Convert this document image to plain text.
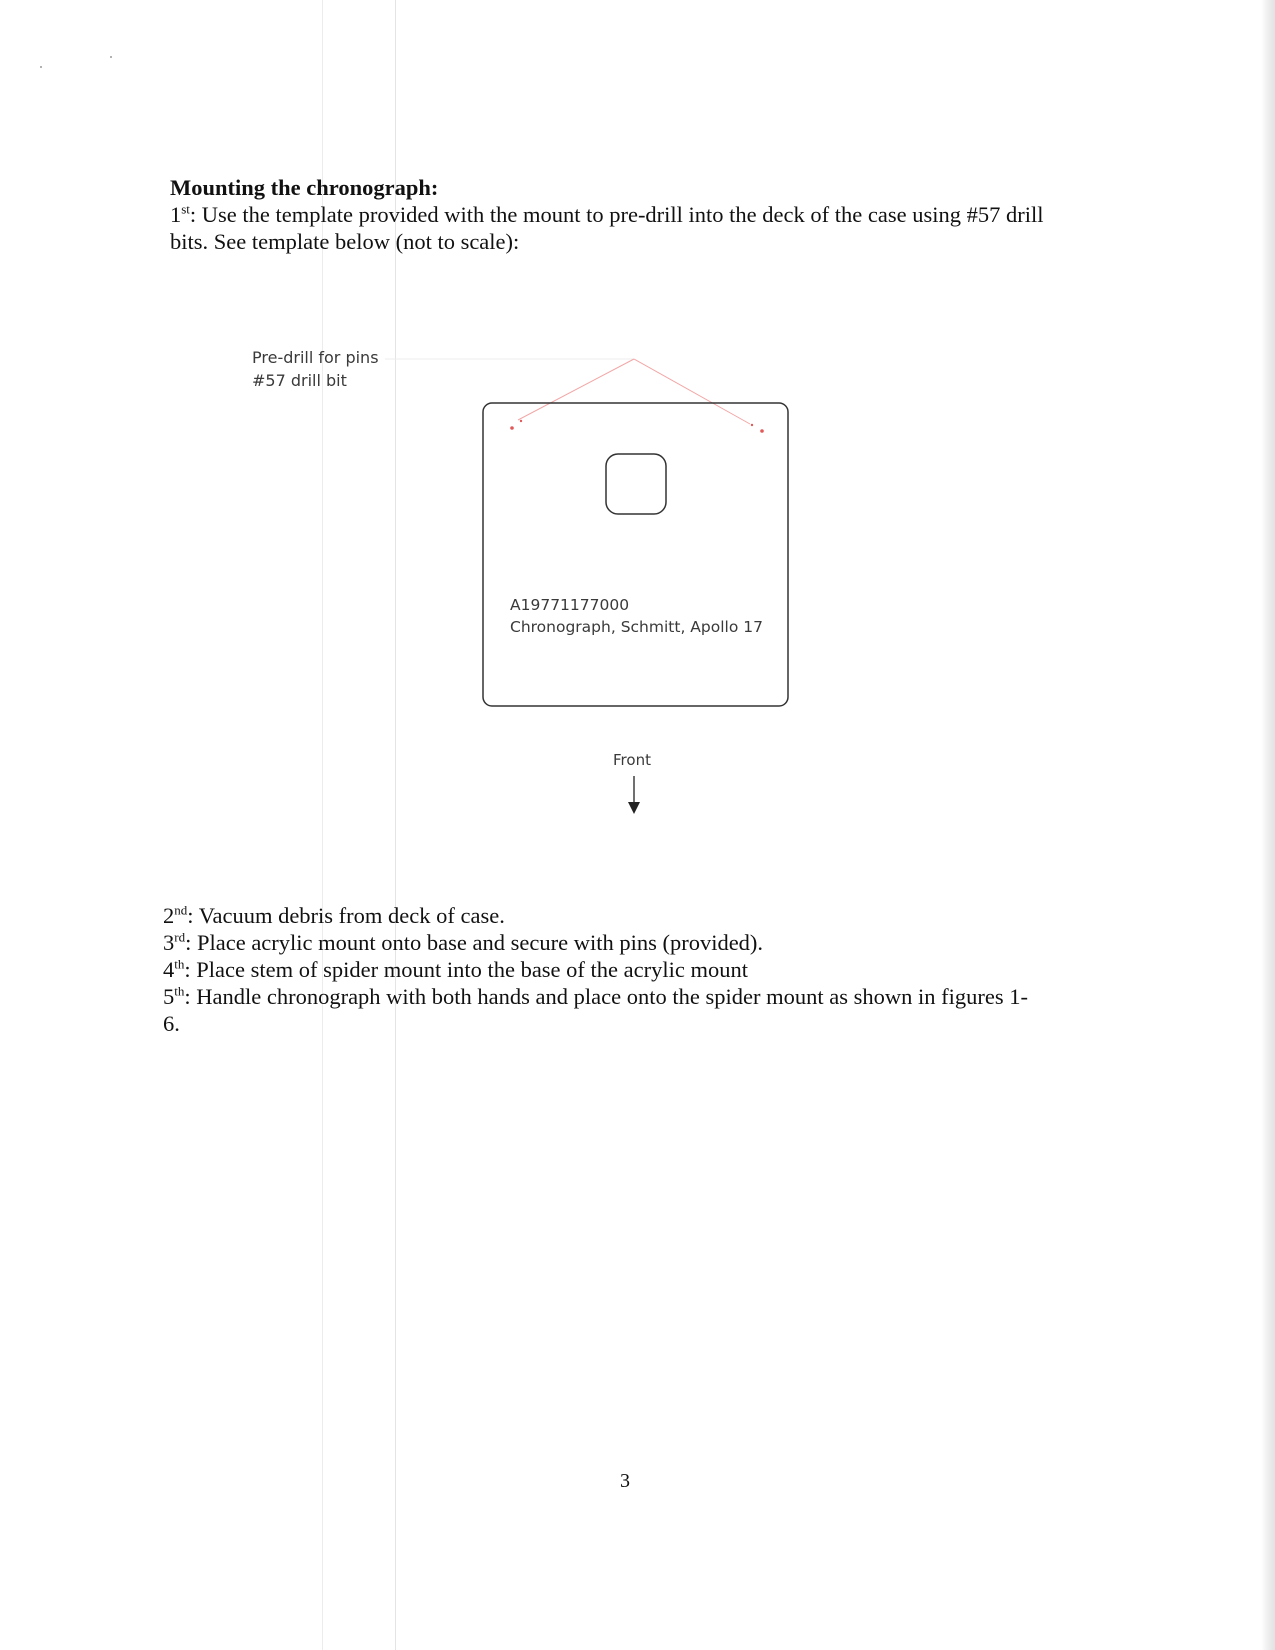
Mounting the chronograph:
1st: Use the template provided with the mount to pre-drill into the deck of the case using #57 drill
bits. See template below (not to scale):
Pre-drill for pins
#57 drill bit
A19771177000
Chronograph, Schmitt, Apollo 17
Front
2nd: Vacuum debris from deck of case.
3rd: Place acrylic mount onto base and secure with pins (provided).
4th: Place stem of spider mount into the base of the acrylic mount
5th: Handle chronograph with both hands and place onto the spider mount as shown in figures 1-
6.
3
